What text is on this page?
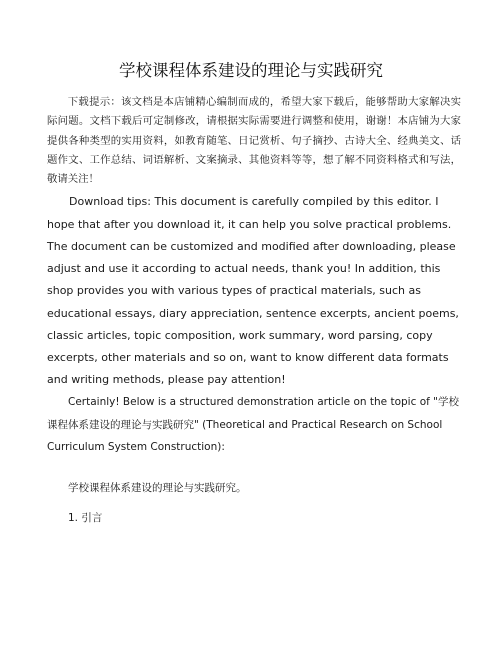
学校课程体系建设的理论与实践研究

下载提示：该文档是本店铺精心编制而成的，希望大家下载后，能够帮助大家解决实际问题。文档下载后可定制修改，请根据实际需要进行调整和使用，谢谢！本店铺为大家提供各种类型的实用资料，如教育随笔、日记赏析、句子摘抄、古诗大全、经典美文、话题作文、工作总结、词语解析、文案摘录、其他资料等等，想了解不同资料格式和写法，敬请关注！

Download tips: This document is carefully compiled by this editor. I hope that after you download it, it can help you solve practical problems. The document can be customized and modified after downloading, please adjust and use it according to actual needs, thank you! In addition, this shop provides you with various types of practical materials, such as educational essays, diary appreciation, sentence excerpts, ancient poems, classic articles, topic composition, work summary, word parsing, copy excerpts, other materials and so on, want to know different data formats and writing methods, please pay attention!

Certainly! Below is a structured demonstration article on the topic of "学校课程体系建设的理论与实践研究" (Theoretical and Practical Research on School Curriculum System Construction):

学校课程体系建设的理论与实践研究。

1. 引言
